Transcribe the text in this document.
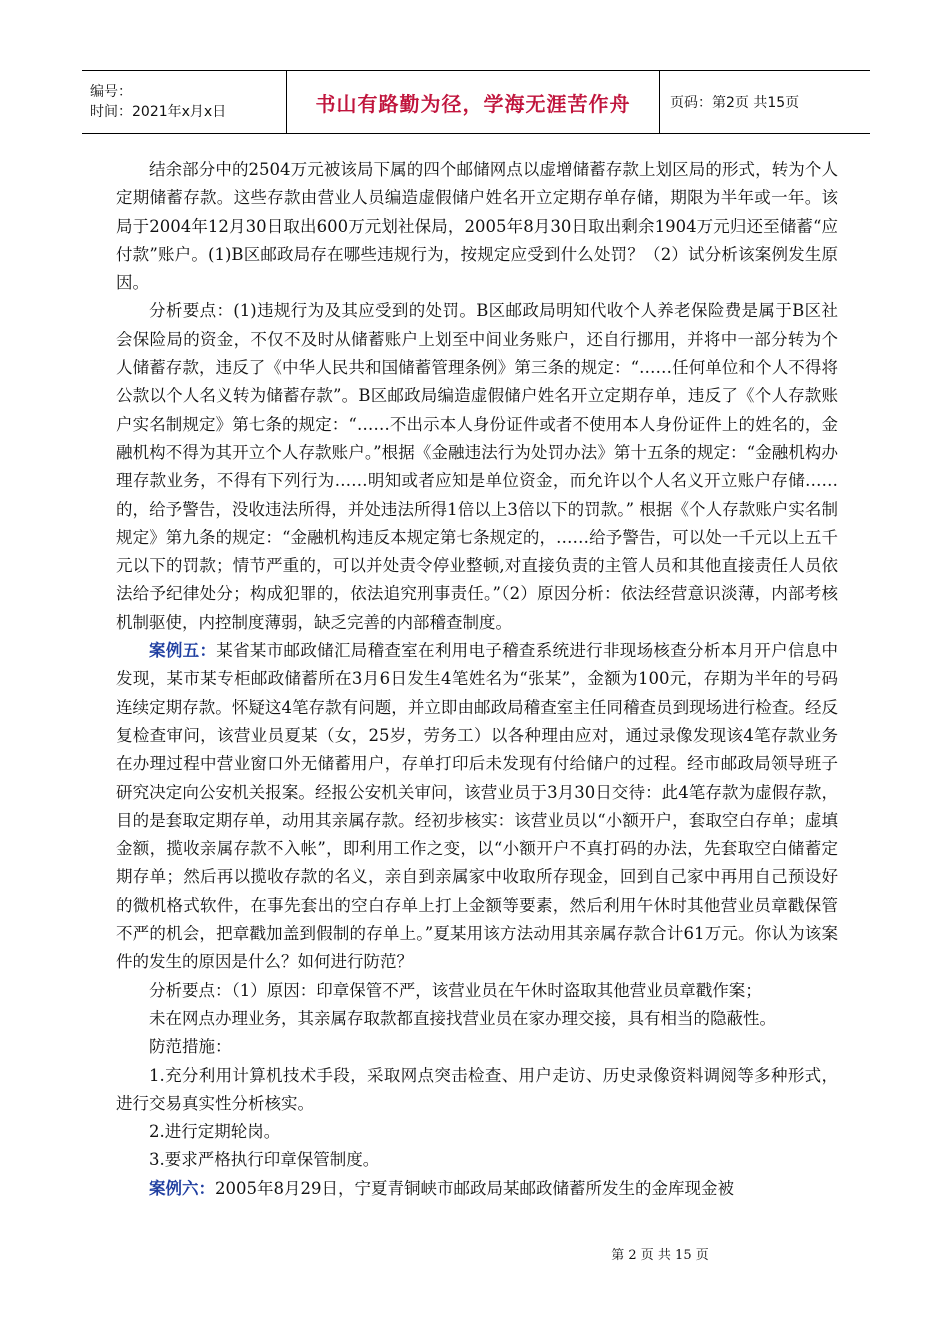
编号：
时间：2021年x月x日	书山有路勤为径，学海无涯苦作舟	页码：第2页 共15页

结余部分中的2504万元被该局下属的四个邮储网点以虚增储蓄存款上划区局的形式，转为个人定期储蓄存款。这些存款由营业人员编造虚假储户姓名开立定期存单存储，期限为半年或一年。该局于2004年12月30日取出600万元划社保局，2005年8月30日取出剩余1904万元归还至储蓄“应付款”账户。(1)B区邮政局存在哪些违规行为，按规定应受到什么处罚？（2）试分析该案例发生原因。

分析要点：(1)违规行为及其应受到的处罚。B区邮政局明知代收个人养老保险费是属于B区社会保险局的资金，不仅不及时从储蓄账户上划至中间业务账户，还自行挪用，并将中一部分转为个人储蓄存款，违反了《中华人民共和国储蓄管理条例》第三条的规定：“……任何单位和个人不得将公款以个人名义转为储蓄存款”。B区邮政局编造虚假储户姓名开立定期存单，违反了《个人存款账户实名制规定》第七条的规定：“……不出示本人身份证件或者不使用本人身份证件上的姓名的，金融机构不得为其开立个人存款账户。”根据《金融违法行为处罚办法》第十五条的规定：“金融机构办理存款业务，不得有下列行为……明知或者应知是单位资金，而允许以个人名义开立账户存储……的，给予警告，没收违法所得，并处违法所得1倍以上3倍以下的罚款。” 根据《个人存款账户实名制规定》第九条的规定：“金融机构违反本规定第七条规定的，……给予警告，可以处一千元以上五千元以下的罚款；情节严重的，可以并处责令停业整顿,对直接负责的主管人员和其他直接责任人员依法给予纪律处分；构成犯罪的，依法追究刑事责任。”（2）原因分析：依法经营意识淡薄，内部考核机制驱使，内控制度薄弱，缺乏完善的内部稽查制度。

案例五：某省某市邮政储汇局稽查室在利用电子稽查系统进行非现场核查分析本月开户信息中发现，某市某专柜邮政储蓄所在3月6日发生4笔姓名为“张某”，金额为100元，存期为半年的号码连续定期存款。怀疑这4笔存款有问题，并立即由邮政局稽查室主任同稽查员到现场进行检查。经反复检查审问，该营业员夏某（女，25岁，劳务工）以各种理由应对，通过录像发现该4笔存款业务在办理过程中营业窗口外无储蓄用户，存单打印后未发现有付给储户的过程。经市邮政局领导班子研究决定向公安机关报案。经报公安机关审问，该营业员于3月30日交待：此4笔存款为虚假存款，目的是套取定期存单，动用其亲属存款。经初步核实：该营业员以“小额开户，套取空白存单；虚填金额，揽收亲属存款不入帐”，即利用工作之变，以“小额开户不真打码的办法，先套取空白储蓄定期存单；然后再以揽收存款的名义，亲自到亲属家中收取所存现金，回到自己家中再用自己预设好的微机格式软件，在事先套出的空白存单上打上金额等要素，然后利用午休时其他营业员章戳保管不严的机会，把章戳加盖到假制的存单上。”夏某用该方法动用其亲属存款合计61万元。你认为该案件的发生的原因是什么？如何进行防范？

分析要点：（1）原因：印章保管不严，该营业员在午休时盗取其他营业员章戳作案；

未在网点办理业务，其亲属存取款都直接找营业员在家办理交接，具有相当的隐蔽性。

防范措施：

1.充分利用计算机技术手段，采取网点突击检查、用户走访、历史录像资料调阅等多种形式，进行交易真实性分析核实。

2.进行定期轮岗。

3.要求严格执行印章保管制度。

案例六：2005年8月29日，宁夏青铜峡市邮政局某邮政储蓄所发生的金库现金被

第 2 页 共 15 页
